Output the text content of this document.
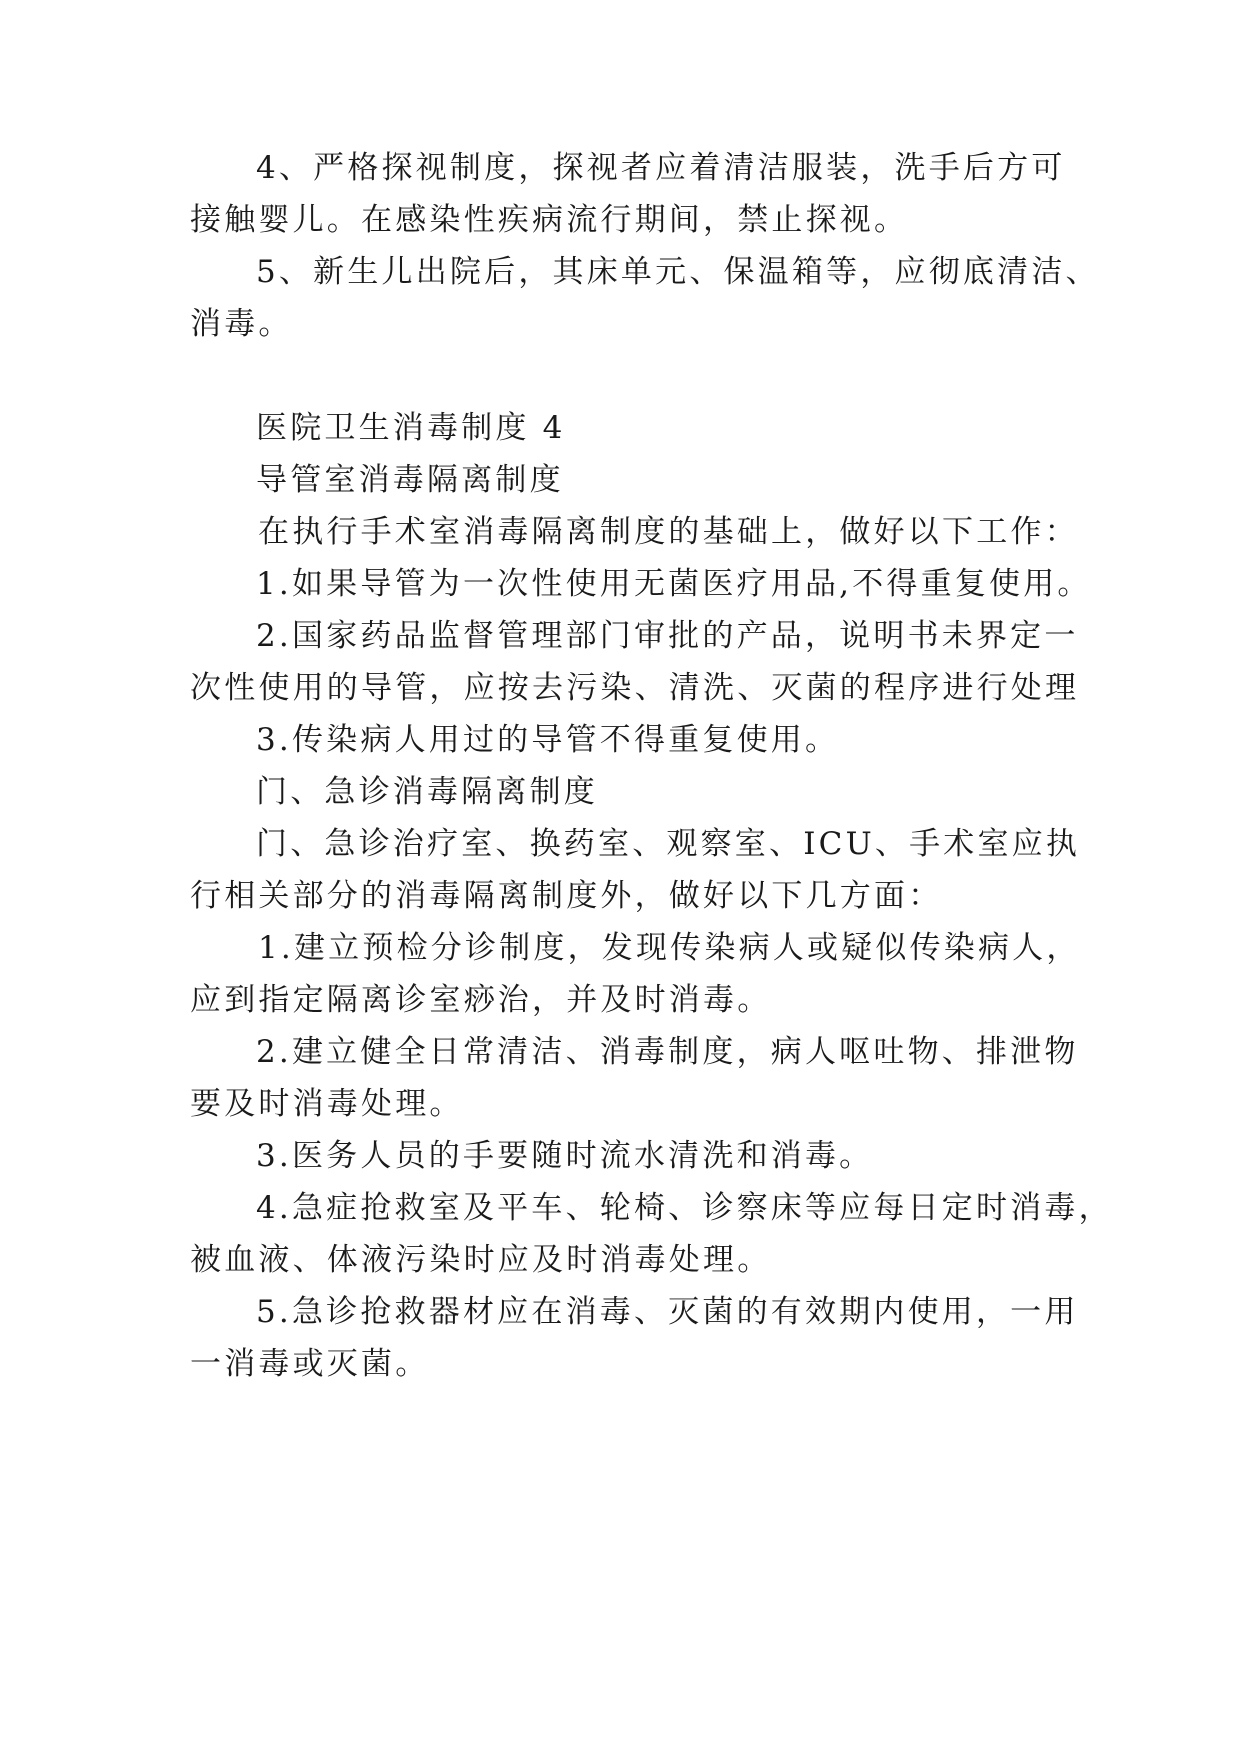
4、严格探视制度，探视者应着清洁服装，洗手后方可
接触婴儿。在感染性疾病流行期间，禁止探视。
5、新生儿出院后，其床单元、保温箱等，应彻底清洁、
消毒。
医院卫生消毒制度 4
导管室消毒隔离制度
在执行手术室消毒隔离制度的基础上，做好以下工作：
1.如果导管为一次性使用无菌医疗用品,不得重复使用。
2.国家药品监督管理部门审批的产品，说明书未界定一
次性使用的导管，应按去污染、清洗、灭菌的程序进行处理
3.传染病人用过的导管不得重复使用。
门、急诊消毒隔离制度
门、急诊治疗室、换药室、观察室、ICU、手术室应执
行相关部分的消毒隔离制度外，做好以下几方面：
1.建立预检分诊制度，发现传染病人或疑似传染病人，
应到指定隔离诊室痧治，并及时消毒。
2.建立健全日常清洁、消毒制度，病人呕吐物、排泄物
要及时消毒处理。
3.医务人员的手要随时流水清洗和消毒。
4.急症抢救室及平车、轮椅、诊察床等应每日定时消毒，
被血液、体液污染时应及时消毒处理。
5.急诊抢救器材应在消毒、灭菌的有效期内使用，一用
一消毒或灭菌。
